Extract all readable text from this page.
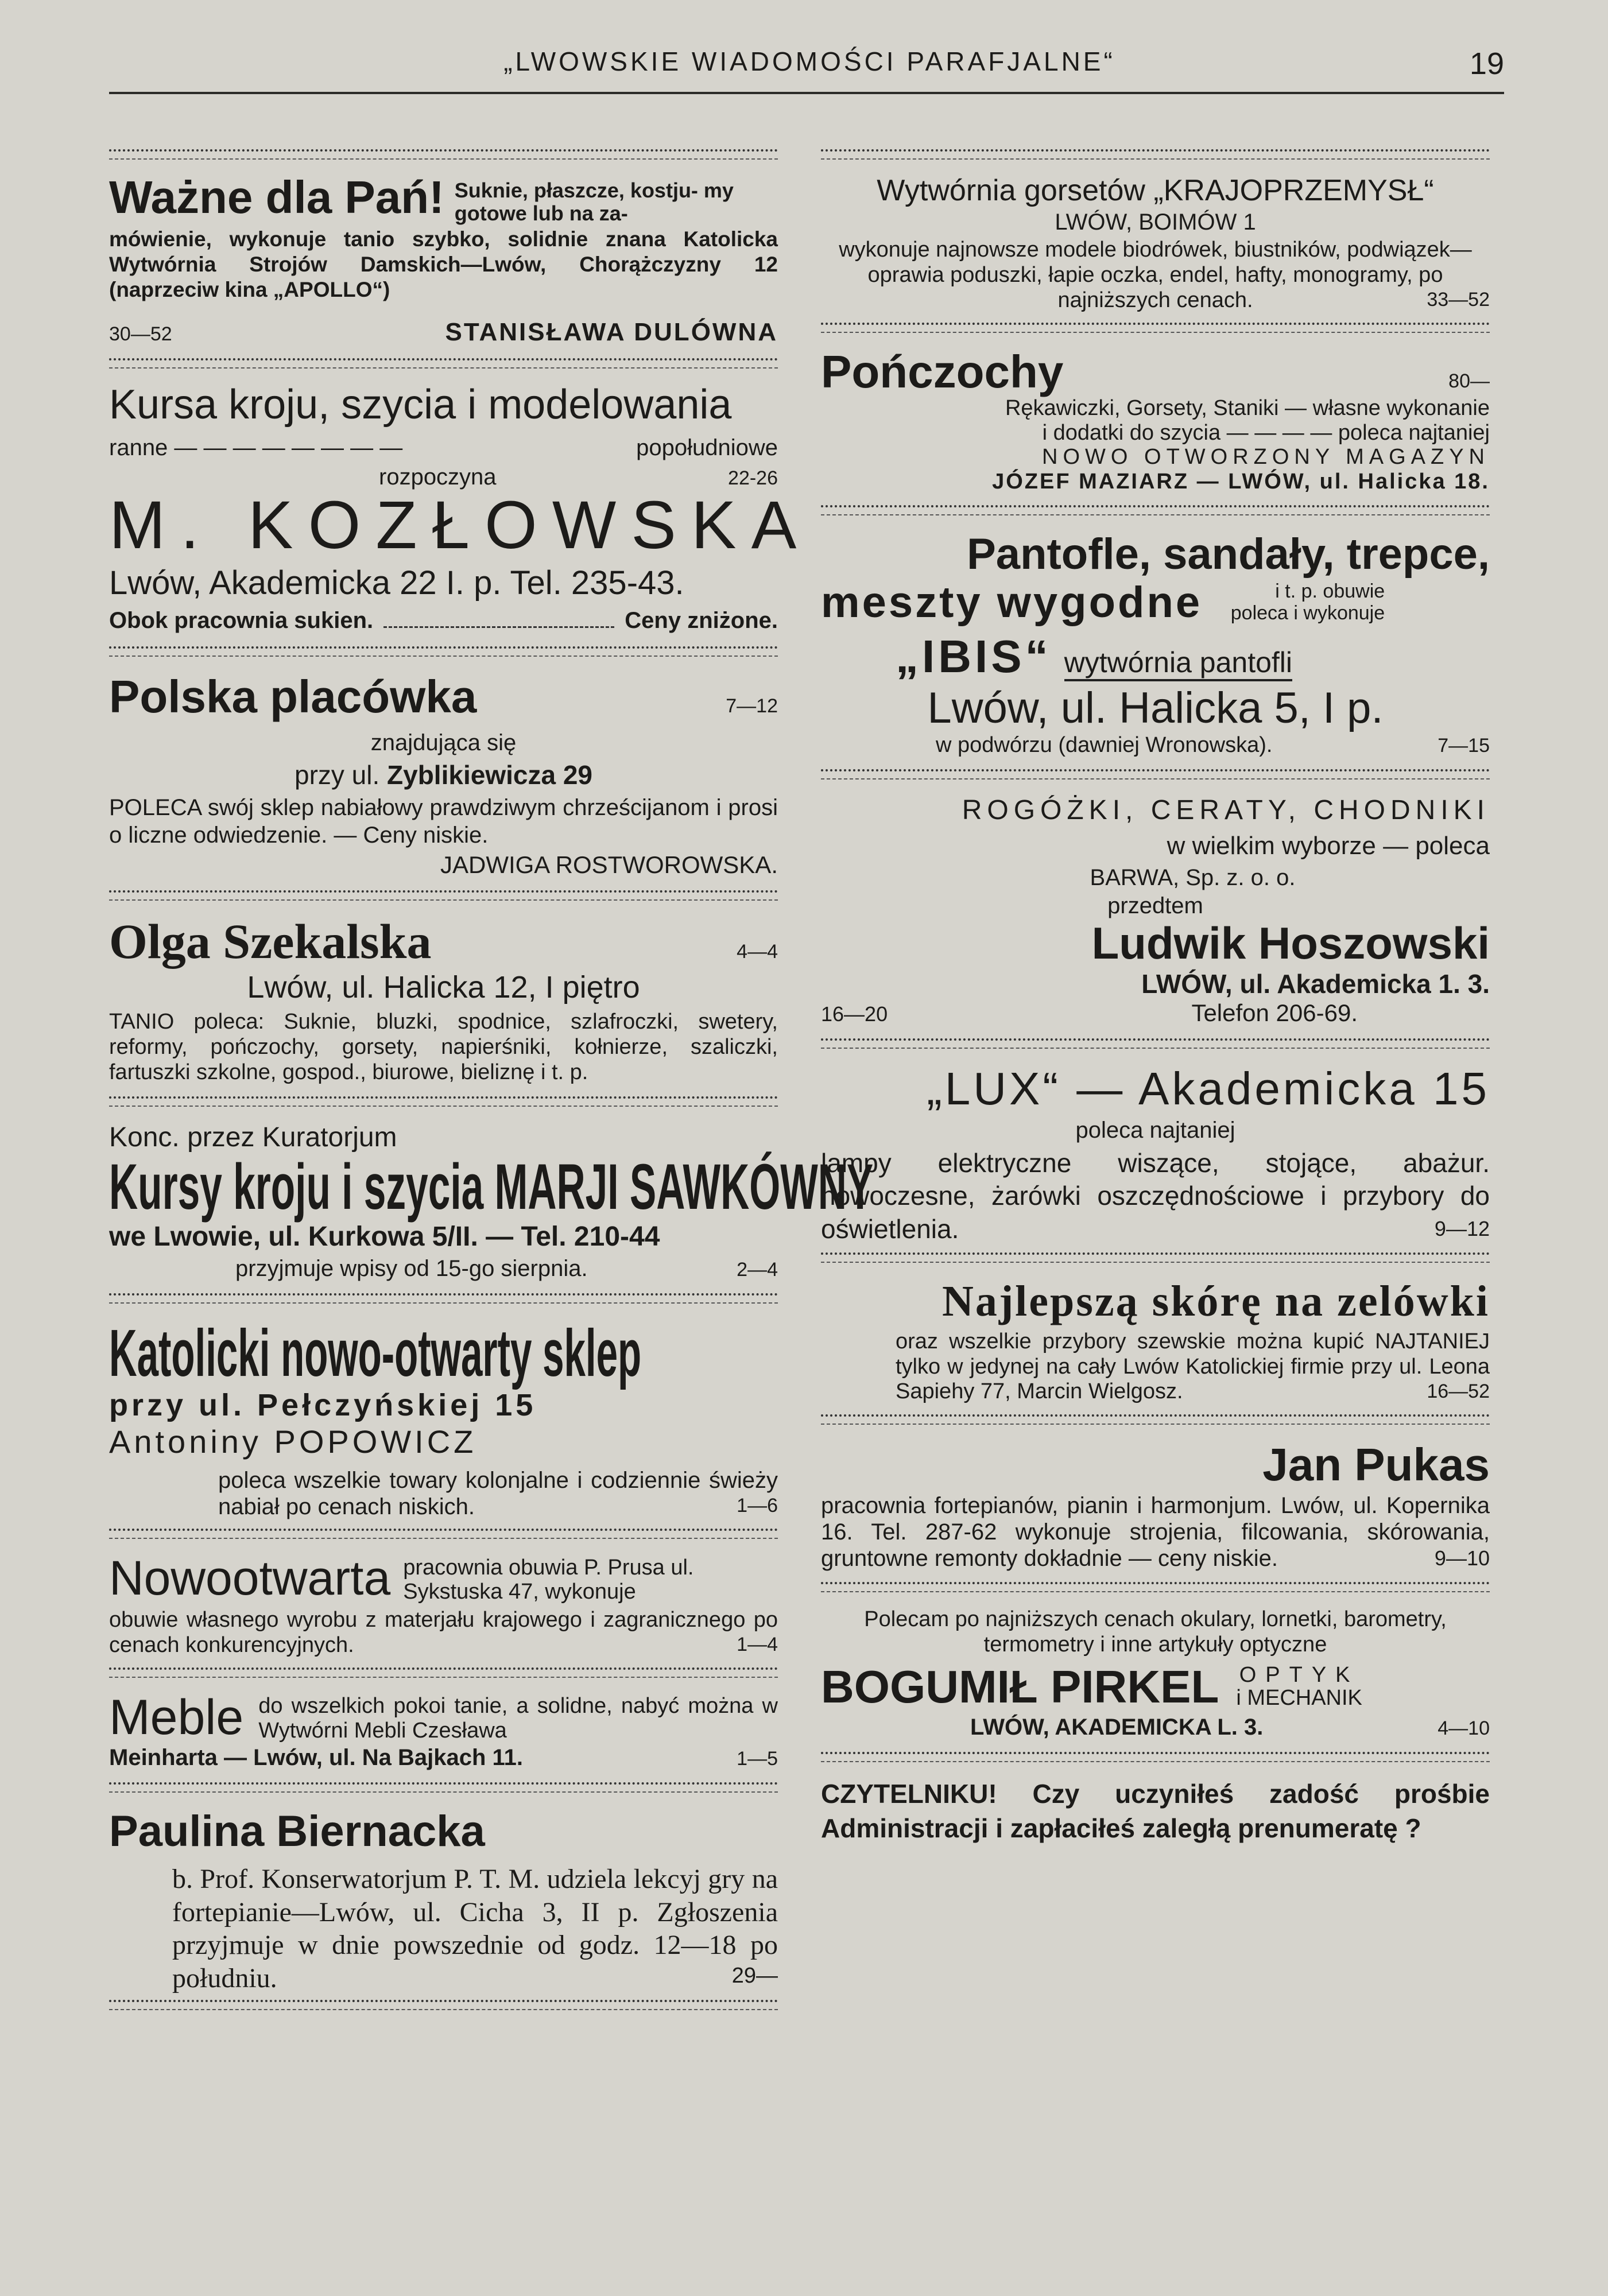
„LWOWSKIE WIADOMOŚCI PARAFJALNE“	19
Ważne dla Pań! Suknie, płaszcze, kostju- my gotowe lub na za-
mówienie, wykonuje tanio szybko, solidnie znana Katolicka Wytwórnia Strojów Damskich—Lwów, Chorążczyzny 12 (naprzeciw kina „APOLLO“)
30—52	STANISŁAWA DULÓWNA
Kursa kroju, szycia i modelowania
ranne — — — — — — — —	popołudniowe
rozpoczyna	22-26
M. KOZŁOWSKA
Lwów, Akademicka 22 I. p. Tel. 235-43.
Obok pracownia sukien.	Ceny zniżone.
Polska placówka	7—12
znajdująca się
przy ul. Zyblikiewicza 29
POLECA swój sklep nabiałowy prawdziwym chrześcijanom i prosi o liczne odwiedzenie. — Ceny niskie.
JADWIGA ROSTWOROWSKA.
Olga Szekalska	4—4
Lwów, ul. Halicka 12, I piętro
TANIO poleca: Suknie, bluzki, spodnice, szlafroczki, swetery, reformy, pończochy, gorsety, napierśniki, kołnierze, szaliczki, fartuszki szkolne, gospod., biurowe, bieliznę i t. p.
Konc. przez Kuratorjum
Kursy kroju i szycia MARJI SAWKÓWNY
we Lwowie, ul. Kurkowa 5/II. — Tel. 210-44
przyjmuje wpisy od 15-go sierpnia.	2—4
Katolicki nowo-otwarty sklep
przy ul. Pełczyńskiej 15
Antoniny POPOWICZ
poleca wszelkie towary kolonjalne i codziennie świeży nabiał po cenach niskich.	1—6
Nowootwarta pracownia obuwia P. Prusa ul. Sykstuska 47, wykonuje
obuwie własnego wyrobu z materjału krajowego i zagranicznego po cenach konkurencyjnych.	1—4
Meble do wszelkich pokoi tanie, a solidne, nabyć można w Wytwórni Mebli Czesława
Meinharta — Lwów, ul. Na Bajkach 11.	1—5
Paulina Biernacka
b. Prof. Konserwatorjum P. T. M. udziela lekcyj gry na fortepianie—Lwów, ul. Cicha 3, II p. Zgłoszenia przyjmuje w dnie powszednie od godz. 12—18 po południu.	29—
Wytwórnia gorsetów „KRAJOPRZEMYSŁ“
LWÓW, BOIMÓW 1
wykonuje najnowsze modele biodrówek, biustników, podwiązek—oprawia poduszki, łapie oczka, endel, hafty, monogramy, po najniższych cenach.	33—52
Pończochy	80—
Rękawiczki, Gorsety, Staniki — własne wykonanie
i dodatki do szycia — — — — poleca najtaniej
NOWO OTWORZONY MAGAZYN
JÓZEF MAZIARZ — LWÓW, ul. Halicka 18.
Pantofle, sandały, trepce,
meszty wygodne	i t. p. obuwie poleca i wykonuje
„IBIS“ wytwórnia pantofli
Lwów, ul. Halicka 5, I p.
w podwórzu (dawniej Wronowska).	7—15
ROGÓŻKI, CERATY, CHODNIKI
w wielkim wyborze — poleca
BARWA, Sp. z. o. o.
przedtem
Ludwik Hoszowski
LWÓW, ul. Akademicka 1. 3.
16—20	Telefon 206-69.
„LUX“ — Akademicka 15
poleca najtaniej
lampy elektryczne wiszące, stojące, abażur. nowoczesne, żarówki oszczędnościowe i przybory do oświetlenia.	9—12
Najlepszą skórę na zelówki
oraz wszelkie przybory szewskie można kupić NAJTANIEJ tylko w jedynej na cały Lwów Katolickiej firmie przy ul. Leona Sapiehy 77, Marcin Wielgosz.	16—52
Jan Pukas
pracownia fortepianów, pianin i harmonjum. Lwów, ul. Kopernika 16. Tel. 287-62 wykonuje strojenia, filcowania, skórowania, gruntowne remonty dokładnie — ceny niskie.	9—10
Polecam po najniższych cenach okulary, lornetki, barometry, termometry i inne artykuły optyczne
BOGUMIŁ PIRKEL OPTYK
i MECHANIK
LWÓW, AKADEMICKA L. 3.	4—10
CZYTELNIKU! Czy uczyniłeś zadość prośbie Administracji i zapłaciłeś zaległą prenumeratę ?
